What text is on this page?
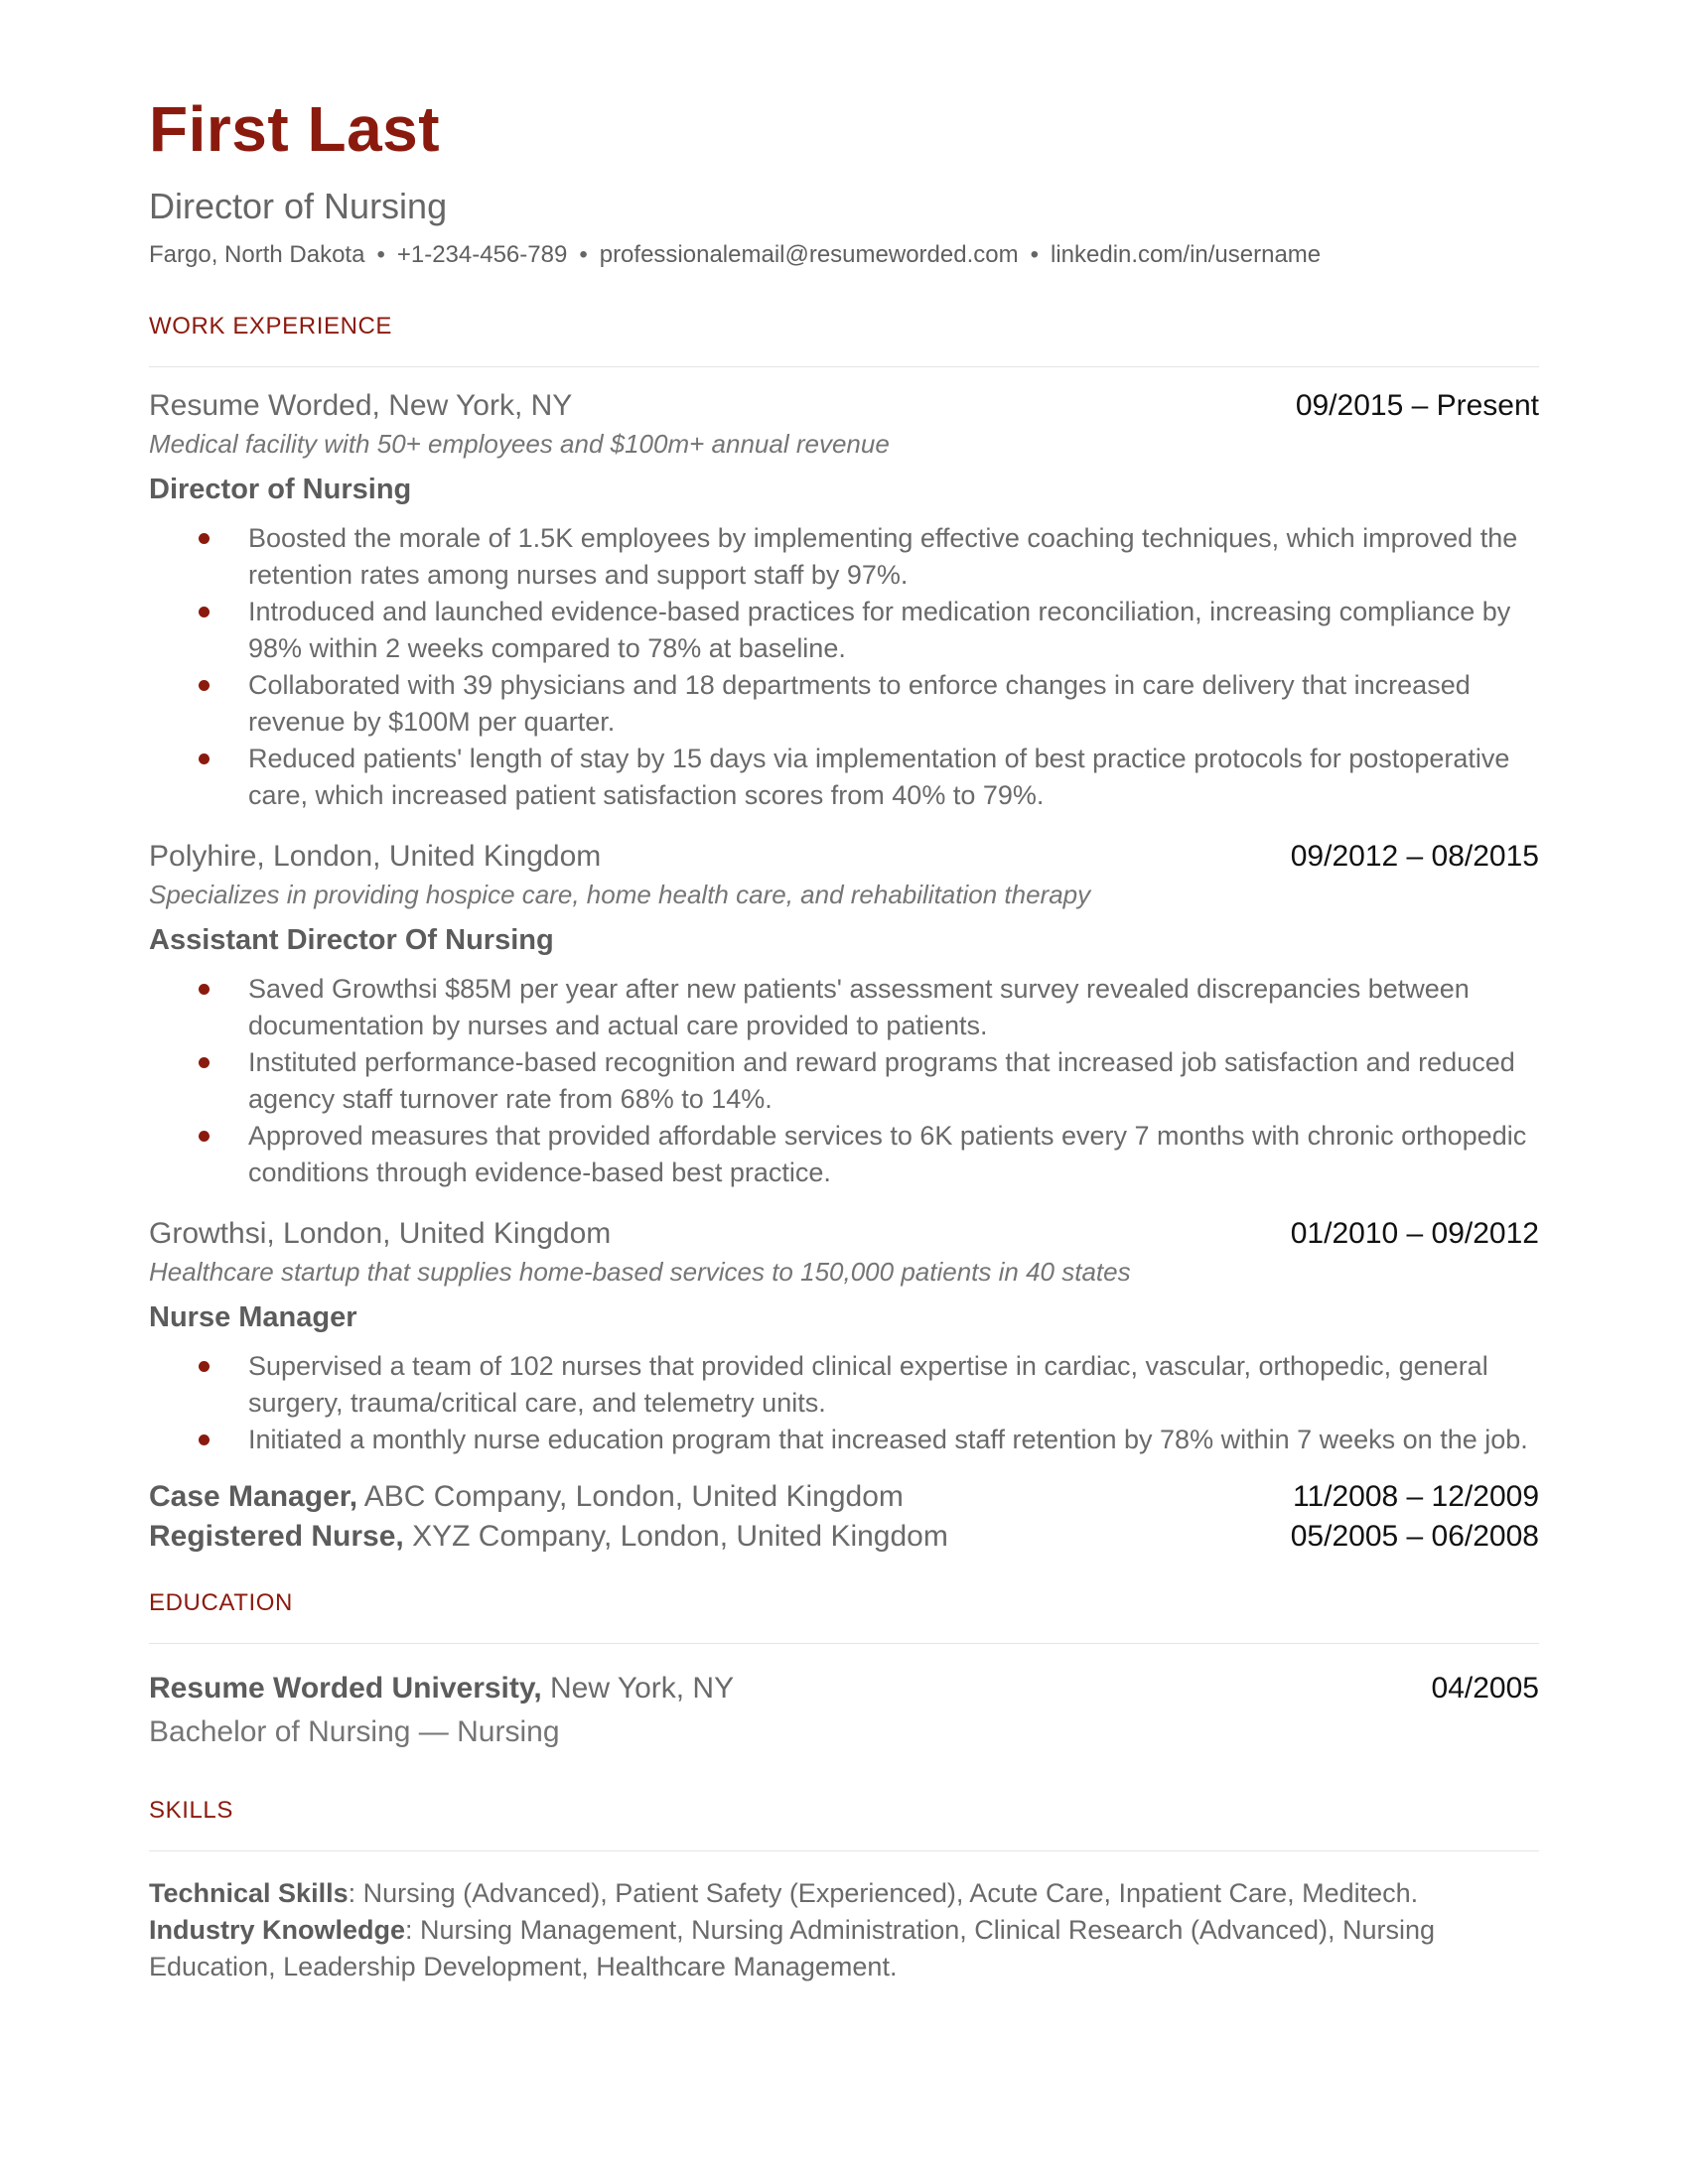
First Last
Director of Nursing
Fargo, North Dakota • +1-234-456-789 • professionalemail@resumeworded.com • linkedin.com/in/username
WORK EXPERIENCE
Resume Worded, New York, NY	09/2015 – Present
Medical facility with 50+ employees and $100m+ annual revenue
Director of Nursing
Boosted the morale of 1.5K employees by implementing effective coaching techniques, which improved the retention rates among nurses and support staff by 97%.
Introduced and launched evidence-based practices for medication reconciliation, increasing compliance by 98% within 2 weeks compared to 78% at baseline.
Collaborated with 39 physicians and 18 departments to enforce changes in care delivery that increased revenue by $100M per quarter.
Reduced patients' length of stay by 15 days via implementation of best practice protocols for postoperative care, which increased patient satisfaction scores from 40% to 79%.
Polyhire, London, United Kingdom	09/2012 – 08/2015
Specializes in providing hospice care, home health care, and rehabilitation therapy
Assistant Director Of Nursing
Saved Growthsi $85M per year after new patients' assessment survey revealed discrepancies between documentation by nurses and actual care provided to patients.
Instituted performance-based recognition and reward programs that increased job satisfaction and reduced agency staff turnover rate from 68% to 14%.
Approved measures that provided affordable services to 6K patients every 7 months with chronic orthopedic conditions through evidence-based best practice.
Growthsi, London, United Kingdom	01/2010 – 09/2012
Healthcare startup that supplies home-based services to 150,000 patients in 40 states
Nurse Manager
Supervised a team of 102 nurses that provided clinical expertise in cardiac, vascular, orthopedic, general surgery, trauma/critical care, and telemetry units.
Initiated a monthly nurse education program that increased staff retention by 78% within 7 weeks on the job.
Case Manager, ABC Company, London, United Kingdom	11/2008 – 12/2009
Registered Nurse, XYZ Company, London, United Kingdom	05/2005 – 06/2008
EDUCATION
Resume Worded University, New York, NY	04/2005
Bachelor of Nursing — Nursing
SKILLS
Technical Skills: Nursing (Advanced), Patient Safety (Experienced), Acute Care, Inpatient Care, Meditech.
Industry Knowledge: Nursing Management, Nursing Administration, Clinical Research (Advanced), Nursing Education, Leadership Development, Healthcare Management.
